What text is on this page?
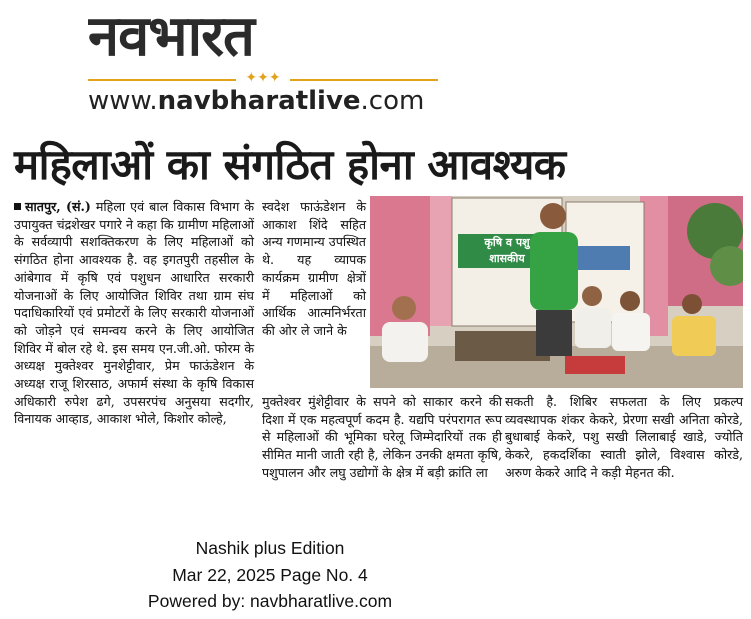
नवभारत
✦✦✦
www.navbharatlive.com
महिलाओं का संगठित होना आवश्यक
सातपुर, (सं.) महिला एवं बाल विकास विभाग के उपायुक्त चंद्रशेखर पगारे ने कहा कि ग्रामीण महिलाओं के सर्वव्यापी सशक्तिकरण के लिए महिलाओं को संगठित होना आवश्यक है. वह इगतपुरी तहसील के आंबेगाव में कृषि एवं पशुधन आधारित सरकारी योजनाओं के लिए आयोजित शिविर तथा ग्राम संघ पदाधिकारियों एवं प्रमोटरों के लिए सरकारी योजनाओं को जोड़ने एवं समन्वय करने के लिए आयोजित शिविर में बोल रहे थे. इस समय एन.जी.ओ. फोरम के अध्यक्ष मुक्तेश्वर मुनशेट्टीवार, प्रेम फाऊंडेशन के अध्यक्ष राजू शिरसाठ, अफार्म संस्था के कृषि विकास अधिकारी रुपेश ढगे, उपसरपंच अनुसया सदगीर, विनायक आव्हाड, आकाश भोले, किशोर कोल्हे,
स्वदेश फाऊंडेशन के आकाश शिंदे सहित अन्य गणमान्य उपस्थित थे. यह व्यापक कार्यक्रम ग्रामीण क्षेत्रों में महिलाओं को आर्थिक आत्मनिर्भरता की ओर ले जाने के
कृषि व पशु
शासकीय
मुक्तेश्वर मुंशेट्टीवार के सपने को साकार करने की दिशा में एक महत्वपूर्ण कदम है. यद्यपि परंपरागत रूप से महिलाओं की भूमिका घरेलू जिम्मेदारियों तक ही सीमित मानी जाती रही है, लेकिन उनकी क्षमता कृषि, पशुपालन और लघु उद्योगों के क्षेत्र में बड़ी क्रांति ला
सकती है. शिबिर सफलता के लिए प्रकल्प व्यवस्थापक शंकर केकरे, प्रेरणा सखी अनिता कोरडे, बुधाबाई केकरे, पशु सखी लिलाबाई खाडे, ज्योति केकरे, हकदर्शिका स्वाती झोले, विश्वास कोरडे, अरुण केकरे आदि ने कड़ी मेहनत की.
Nashik plus Edition
Mar 22, 2025 Page No. 4
Powered by: navbharatlive.com
